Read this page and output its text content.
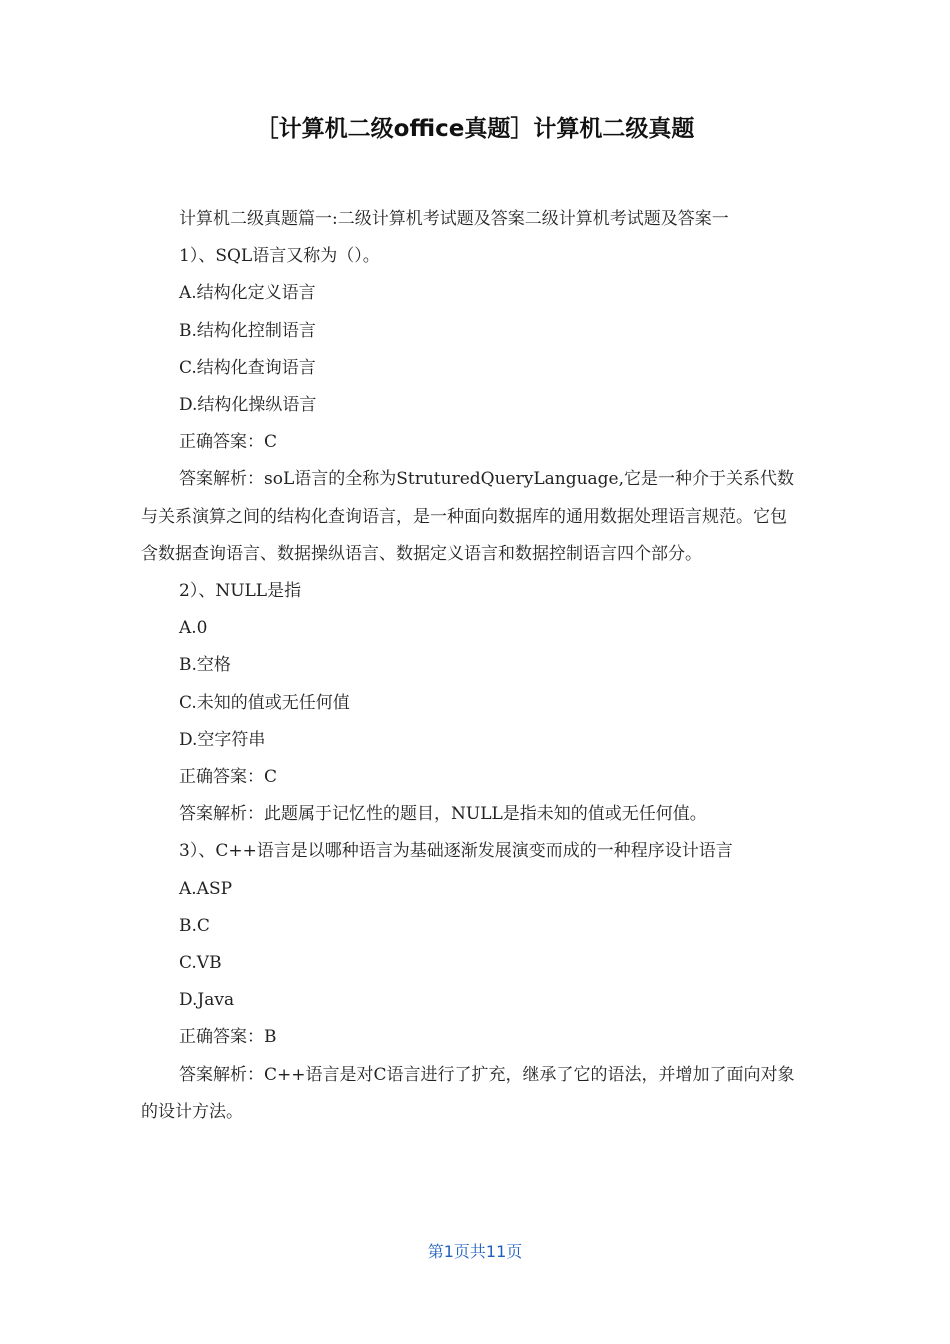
［计算机二级office真题］计算机二级真题

计算机二级真题篇一:二级计算机考试题及答案二级计算机考试题及答案一

1）、SQL语言又称为（）。

A.结构化定义语言

B.结构化控制语言

C.结构化查询语言

D.结构化操纵语言

正确答案：C

答案解析：soL语言的全称为StruturedQueryLanguage,它是一种介于关系代数与关系演算之间的结构化查询语言，是一种面向数据库的通用数据处理语言规范。它包含数据查询语言、数据操纵语言、数据定义语言和数据控制语言四个部分。

2）、NULL是指

A.0

B.空格

C.未知的值或无任何值

D.空字符串

正确答案：C

答案解析：此题属于记忆性的题目，NULL是指未知的值或无任何值。

3）、C++语言是以哪种语言为基础逐渐发展演变而成的一种程序设计语言

A.ASP

B.C

C.VB

D.Java

正确答案：B

答案解析：C++语言是对C语言进行了扩充，继承了它的语法，并增加了面向对象的设计方法。

第1页共11页
